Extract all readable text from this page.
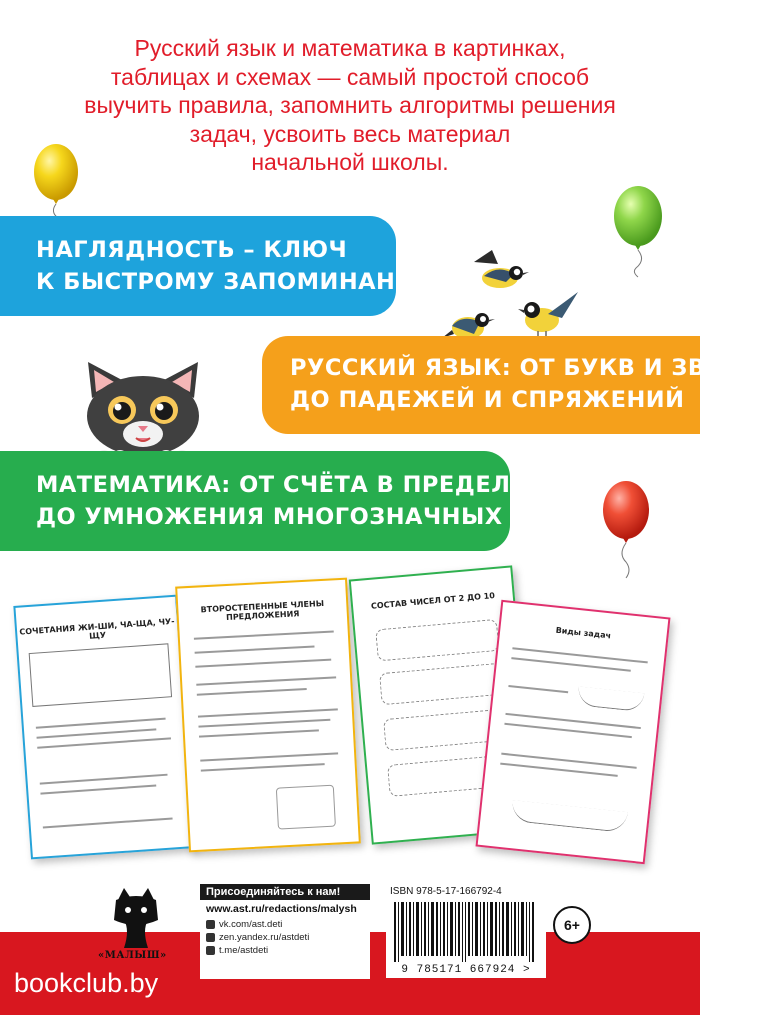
Русский язык и математика в картинках,
таблицах и схемах — самый простой способ
выучить правила, запомнить алгоритмы решения
задач, усвоить весь материал
начальной школы.
НАГЛЯДНОСТЬ – КЛЮЧ
К БЫСТРОМУ ЗАПОМИНАНИЮ
РУССКИЙ ЯЗЫК: ОТ БУКВ И ЗВУКОВ
ДО ПАДЕЖЕЙ И СПРЯЖЕНИЙ
МАТЕМАТИКА: ОТ СЧЁТА В ПРЕДЕЛАХ 10
ДО УМНОЖЕНИЯ МНОГОЗНАЧНЫХ ЧИСЕЛ
СОЧЕТАНИЯ ЖИ-ШИ, ЧА-ЩА, ЧУ-ЩУ
ВТОРОСТЕПЕННЫЕ ЧЛЕНЫ ПРЕДЛОЖЕНИЯ
СОСТАВ ЧИСЕЛ ОТ 2 ДО 10
Виды задач
«МАЛЫШ»
Присоединяйтесь к нам!
www.ast.ru/redactions/malysh
vk.com/ast.deti
zen.yandex.ru/astdeti
t.me/astdeti
ISBN 978-5-17-166792-4
9 785171 667924 >
6+
bookclub.by
